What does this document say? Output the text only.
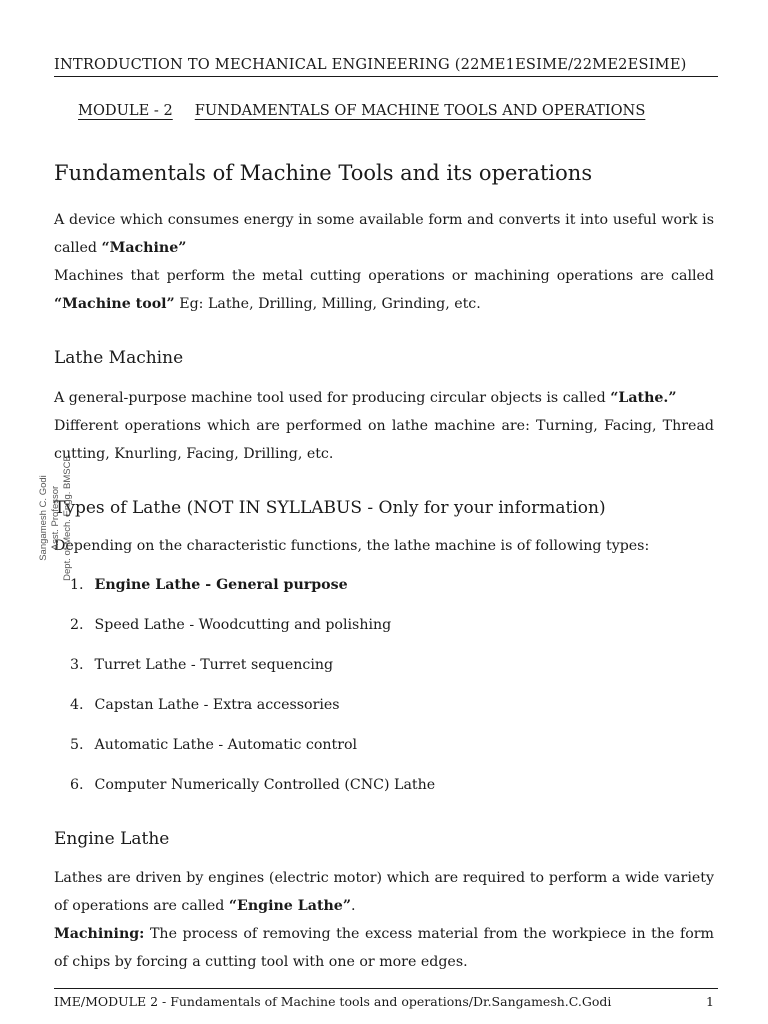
INTRODUCTION TO MECHANICAL ENGINEERING (22ME1ESIME/22ME2ESIME)
MODULE - 2 FUNDAMENTALS OF MACHINE TOOLS AND OPERATIONS
Fundamentals of Machine Tools and its operations
A device which consumes energy in some available form and converts it into useful work is called “Machine”
Machines that perform the metal cutting operations or machining operations are called “Machine tool” Eg: Lathe, Drilling, Milling, Grinding, etc.
Lathe Machine
A general-purpose machine tool used for producing circular objects is called “Lathe.”
Different operations which are performed on lathe machine are: Turning, Facing, Thread cutting, Knurling, Facing, Drilling, etc.
Types of Lathe (NOT IN SYLLABUS - Only for your information)
Depending on the characteristic functions, the lathe machine is of following types:
1. Engine Lathe - General purpose
2. Speed Lathe - Woodcutting and polishing
3. Turret Lathe - Turret sequencing
4. Capstan Lathe - Extra accessories
5. Automatic Lathe - Automatic control
6. Computer Numerically Controlled (CNC) Lathe
Engine Lathe
Lathes are driven by engines (electric motor) which are required to perform a wide variety of operations are called “Engine Lathe”.
Machining: The process of removing the excess material from the workpiece in the form of chips by forcing a cutting tool with one or more edges.
Sangamesh C. Godi Asst. Professor Dept. of Mech. Engg. BMSCE
IME/MODULE 2 - Fundamentals of Machine tools and operations/Dr.Sangamesh.C.Godi	1
